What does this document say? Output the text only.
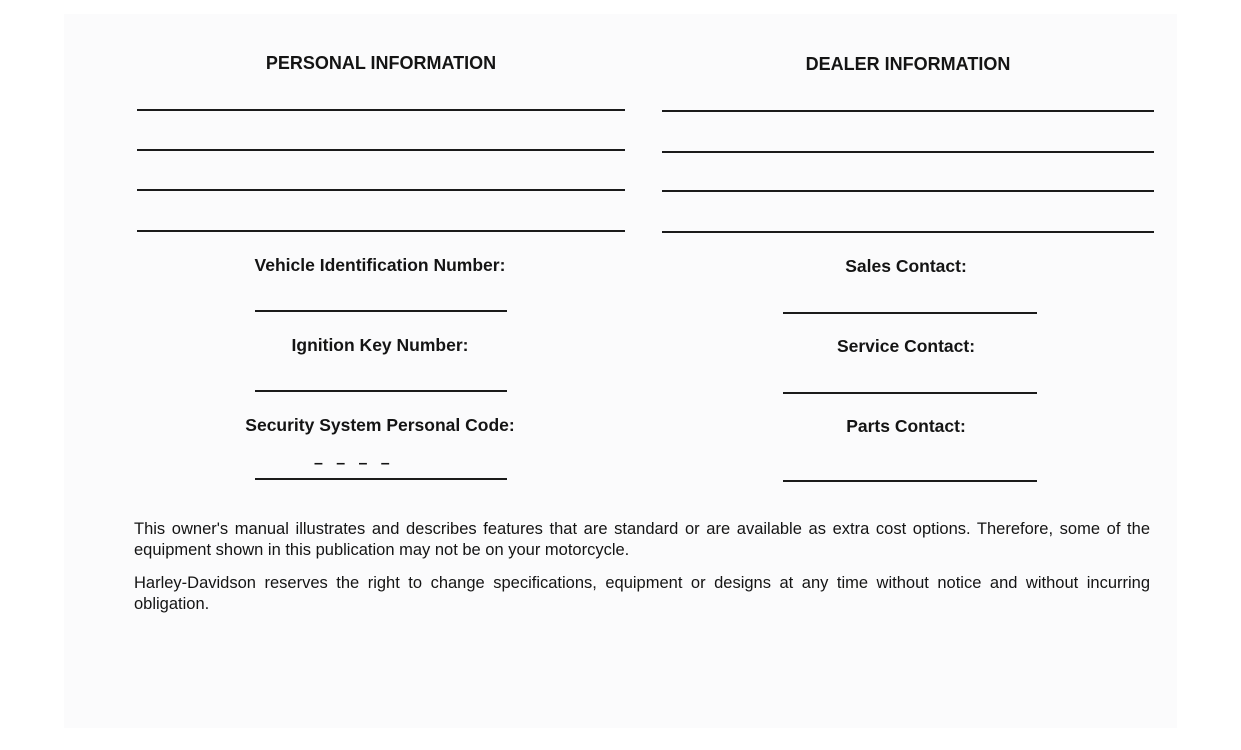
PERSONAL INFORMATION	DEALER INFORMATION
Vehicle Identification Number:
Ignition Key Number:
Security System Personal Code:
–   –   –   –
Sales Contact:
Service Contact:
Parts Contact:

This owner's manual illustrates and describes features that are standard or are available as extra cost options. Therefore, some of the equipment shown in this publication may not be on your motorcycle.

Harley-Davidson reserves the right to change specifications, equipment or designs at any time without notice and without incurring obligation.
